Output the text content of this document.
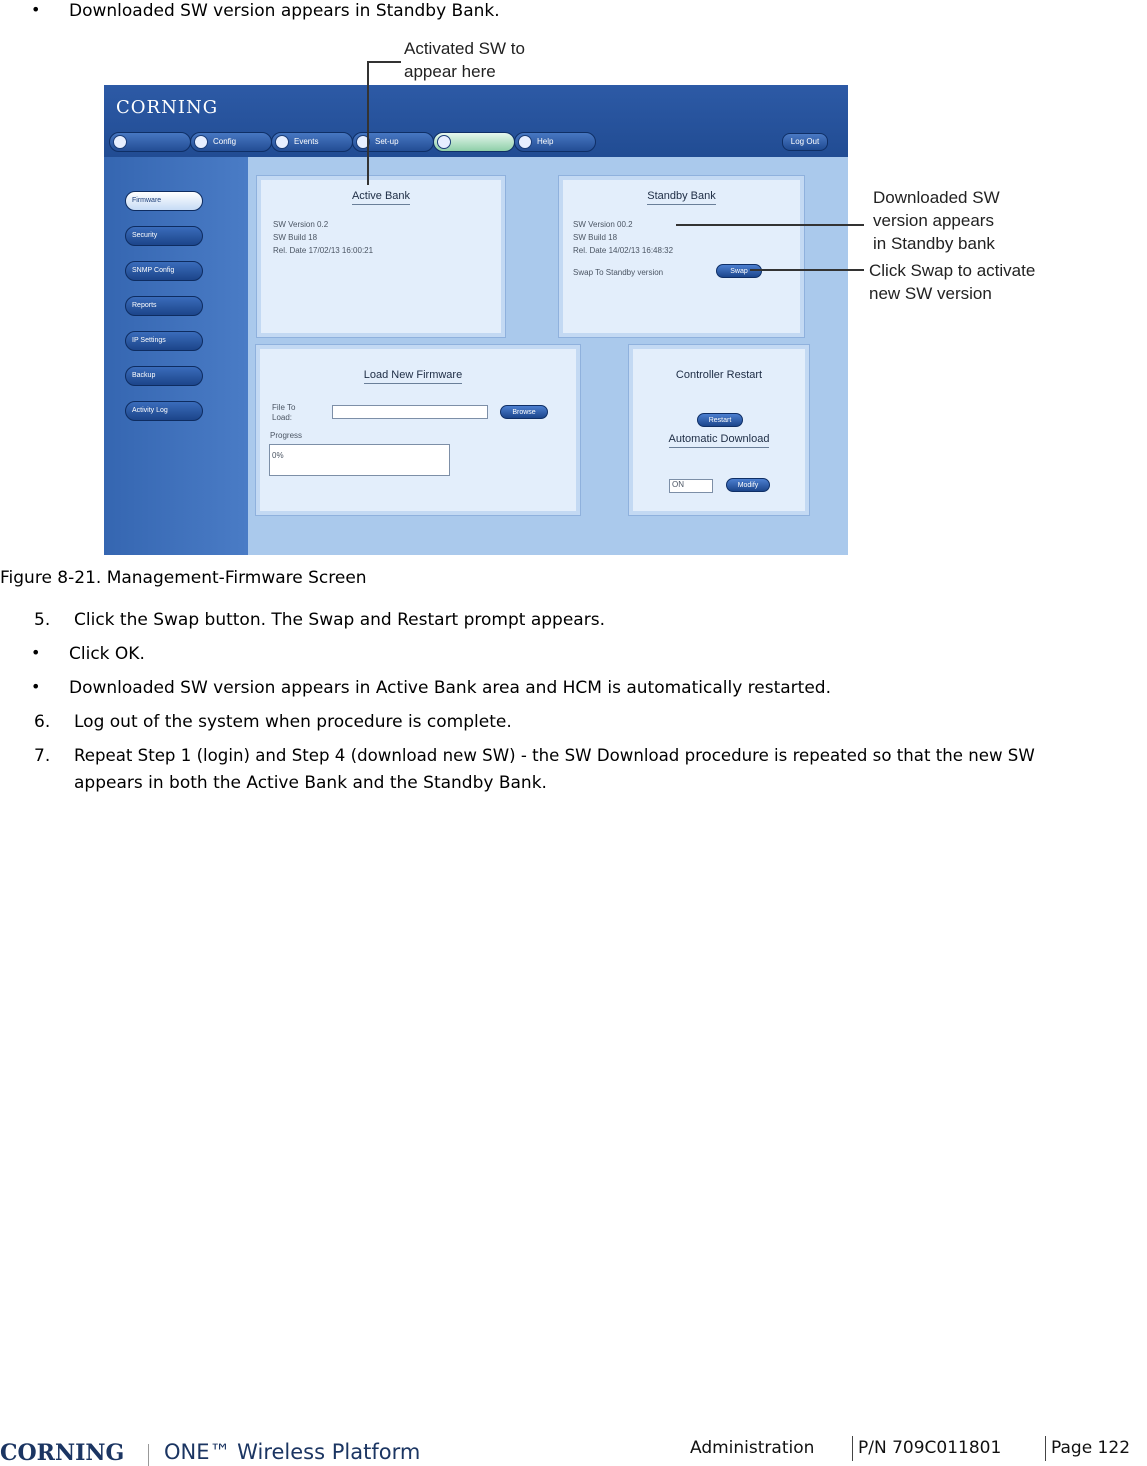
• Downloaded SW version appears in Standby Bank.
CORNING
Config	Events	Set-up	Help	Log Out
Firmware
Security
SNMP Config
Reports
IP Settings
Backup
Activity Log
Active Bank
SW Version 0.2
SW Build 18
Rel. Date 17/02/13 16:00:21
Standby Bank
SW Version 00.2
SW Build 18
Rel. Date 14/02/13 16:48:32
Swap To Standby version	Swap
Load New Firmware
File To Load:
Browse
Progress
0%
Controller Restart
Restart
Automatic Download
ON	Modify
Activated SW to
appear here
Downloaded SW
version appears
in Standby bank
Click Swap to activate
new SW version
Figure 8-21. Management-Firmware Screen
5. Click the Swap button. The Swap and Restart prompt appears.
• Click OK.
• Downloaded SW version appears in Active Bank area and HCM is automatically restarted.
6. Log out of the system when procedure is complete.
7. Repeat Step 1 (login) and Step 4 (download new SW) - the SW Download procedure is repeated so that the new SW
appears in both the Active Bank and the Standby Bank.
CORNING ONE™ Wireless Platform	Administration	P/N 709C011801	Page 122
